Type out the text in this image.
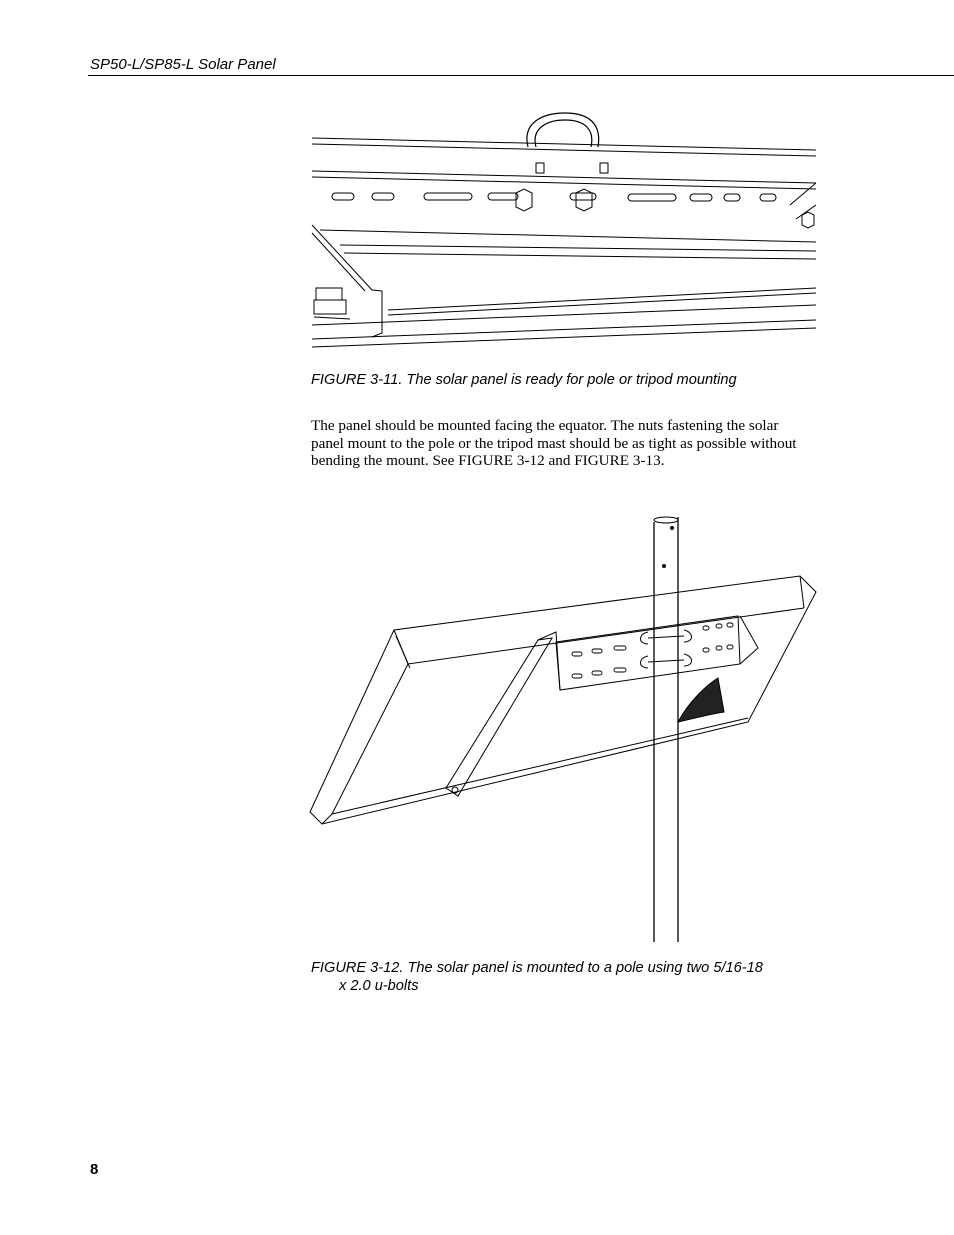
SP50-L/SP85-L Solar Panel
FIGURE 3-11. The solar panel is ready for pole or tripod mounting
The panel should be mounted facing the equator. The nuts fastening the solar panel mount to the pole or the tripod mast should be as tight as possible without bending the mount. See FIGURE 3-12 and FIGURE 3-13.
FIGURE 3-12. The solar panel is mounted to a pole using two 5/16-18
x 2.0 u-bolts
8
